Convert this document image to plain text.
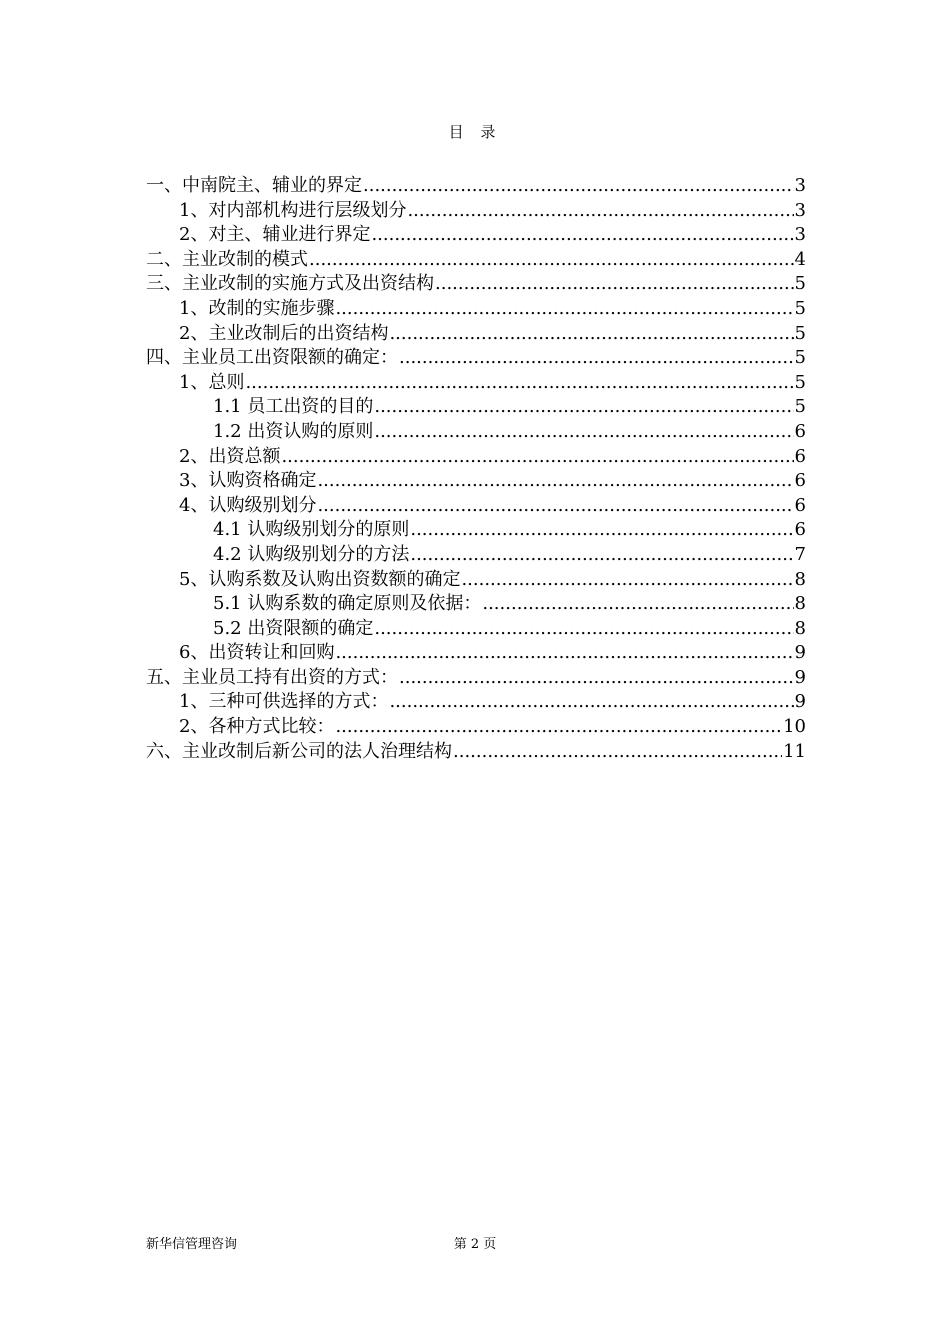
目 录
一、中南院主、辅业的界定 .....	3
1、 对内部机构进行层级划分 .....	3
2、 对主、辅业进行界定 .....	3
二、主业改制的模式 .....	4
三、主业改制的实施方式及出资结构 .....	5
1、 改制的实施步骤 .....	5
2、 主业改制后的出资结构 .....	5
四、主业员工出资限额的确定： .....	5
1、总则 .....	5
1.1 员工出资的目的 .....	5
1.2 出资认购的原则 .....	6
2、出资总额 .....	6
3、认购资格确定 .....	6
4、认购级别划分 .....	6
4.1 认购级别划分的原则 .....	6
4.2 认购级别划分的方法 .....	7
5、认购系数及认购出资数额的确定 .....	8
5.1 认购系数的确定原则及依据： .....	8
5.2 出资限额的确定 .....	8
6、出资转让和回购 .....	9
五、主业员工持有出资的方式： .....	9
1、三种可供选择的方式： .....	9
2、各种方式比较： .....	10
六、主业改制后新公司的法人治理结构 .....	11
新华信管理咨询	第 2 页
